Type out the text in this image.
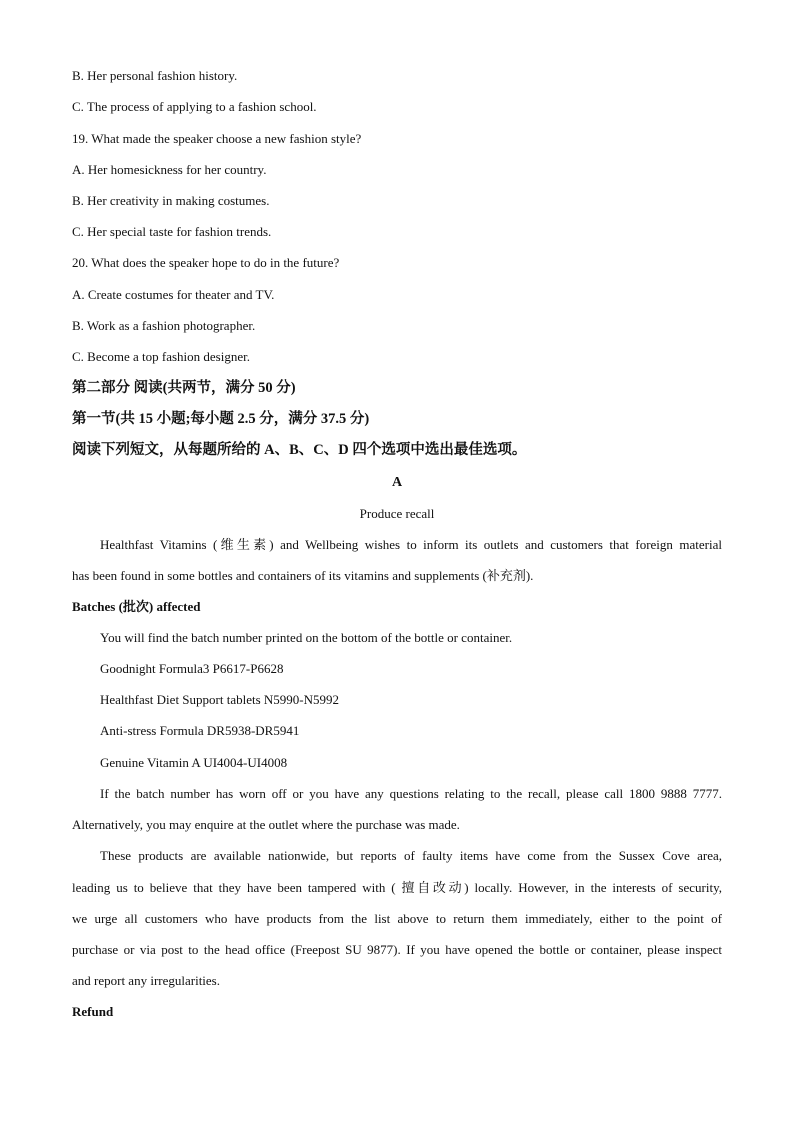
B. Her personal fashion history.
C. The process of applying to a fashion school.
19. What made the speaker choose a new fashion style?
A. Her homesickness for her country.
B. Her creativity in making costumes.
C. Her special taste for fashion trends.
20. What does the speaker hope to do in the future?
A. Create costumes for theater and TV.
B. Work as a fashion photographer.
C. Become a top fashion designer.
第二部分 阅读(共两节，满分 50 分)
第一节(共 15 小题;每小题 2.5 分，满分 37.5 分)
阅读下列短文，从每题所给的 A、B、C、D 四个选项中选出最佳选项。
A
Produce recall
Healthfast Vitamins (维生素) and Wellbeing wishes to inform its outlets and customers that foreign material
has been found in some bottles and containers of its vitamins and supplements (补充剂).
Batches (批次) affected
You will find the batch number printed on the bottom of the bottle or container.
Goodnight Formula3 P6617-P6628
Healthfast Diet Support tablets N5990-N5992
Anti-stress Formula DR5938-DR5941
Genuine Vitamin A UI4004-UI4008
If the batch number has worn off or you have any questions relating to the recall, please call 1800 9888 7777.
Alternatively, you may enquire at the outlet where the purchase was made.
These products are available nationwide, but reports of faulty items have come from the Sussex Cove area,
leading us to believe that they have been tampered with ( 擅自改动) locally. However, in the interests of security,
we urge all customers who have products from the list above to return them immediately, either to the point of
purchase or via post to the head office (Freepost SU 9877). If you have opened the bottle or container, please inspect
and report any irregularities.
Refund
